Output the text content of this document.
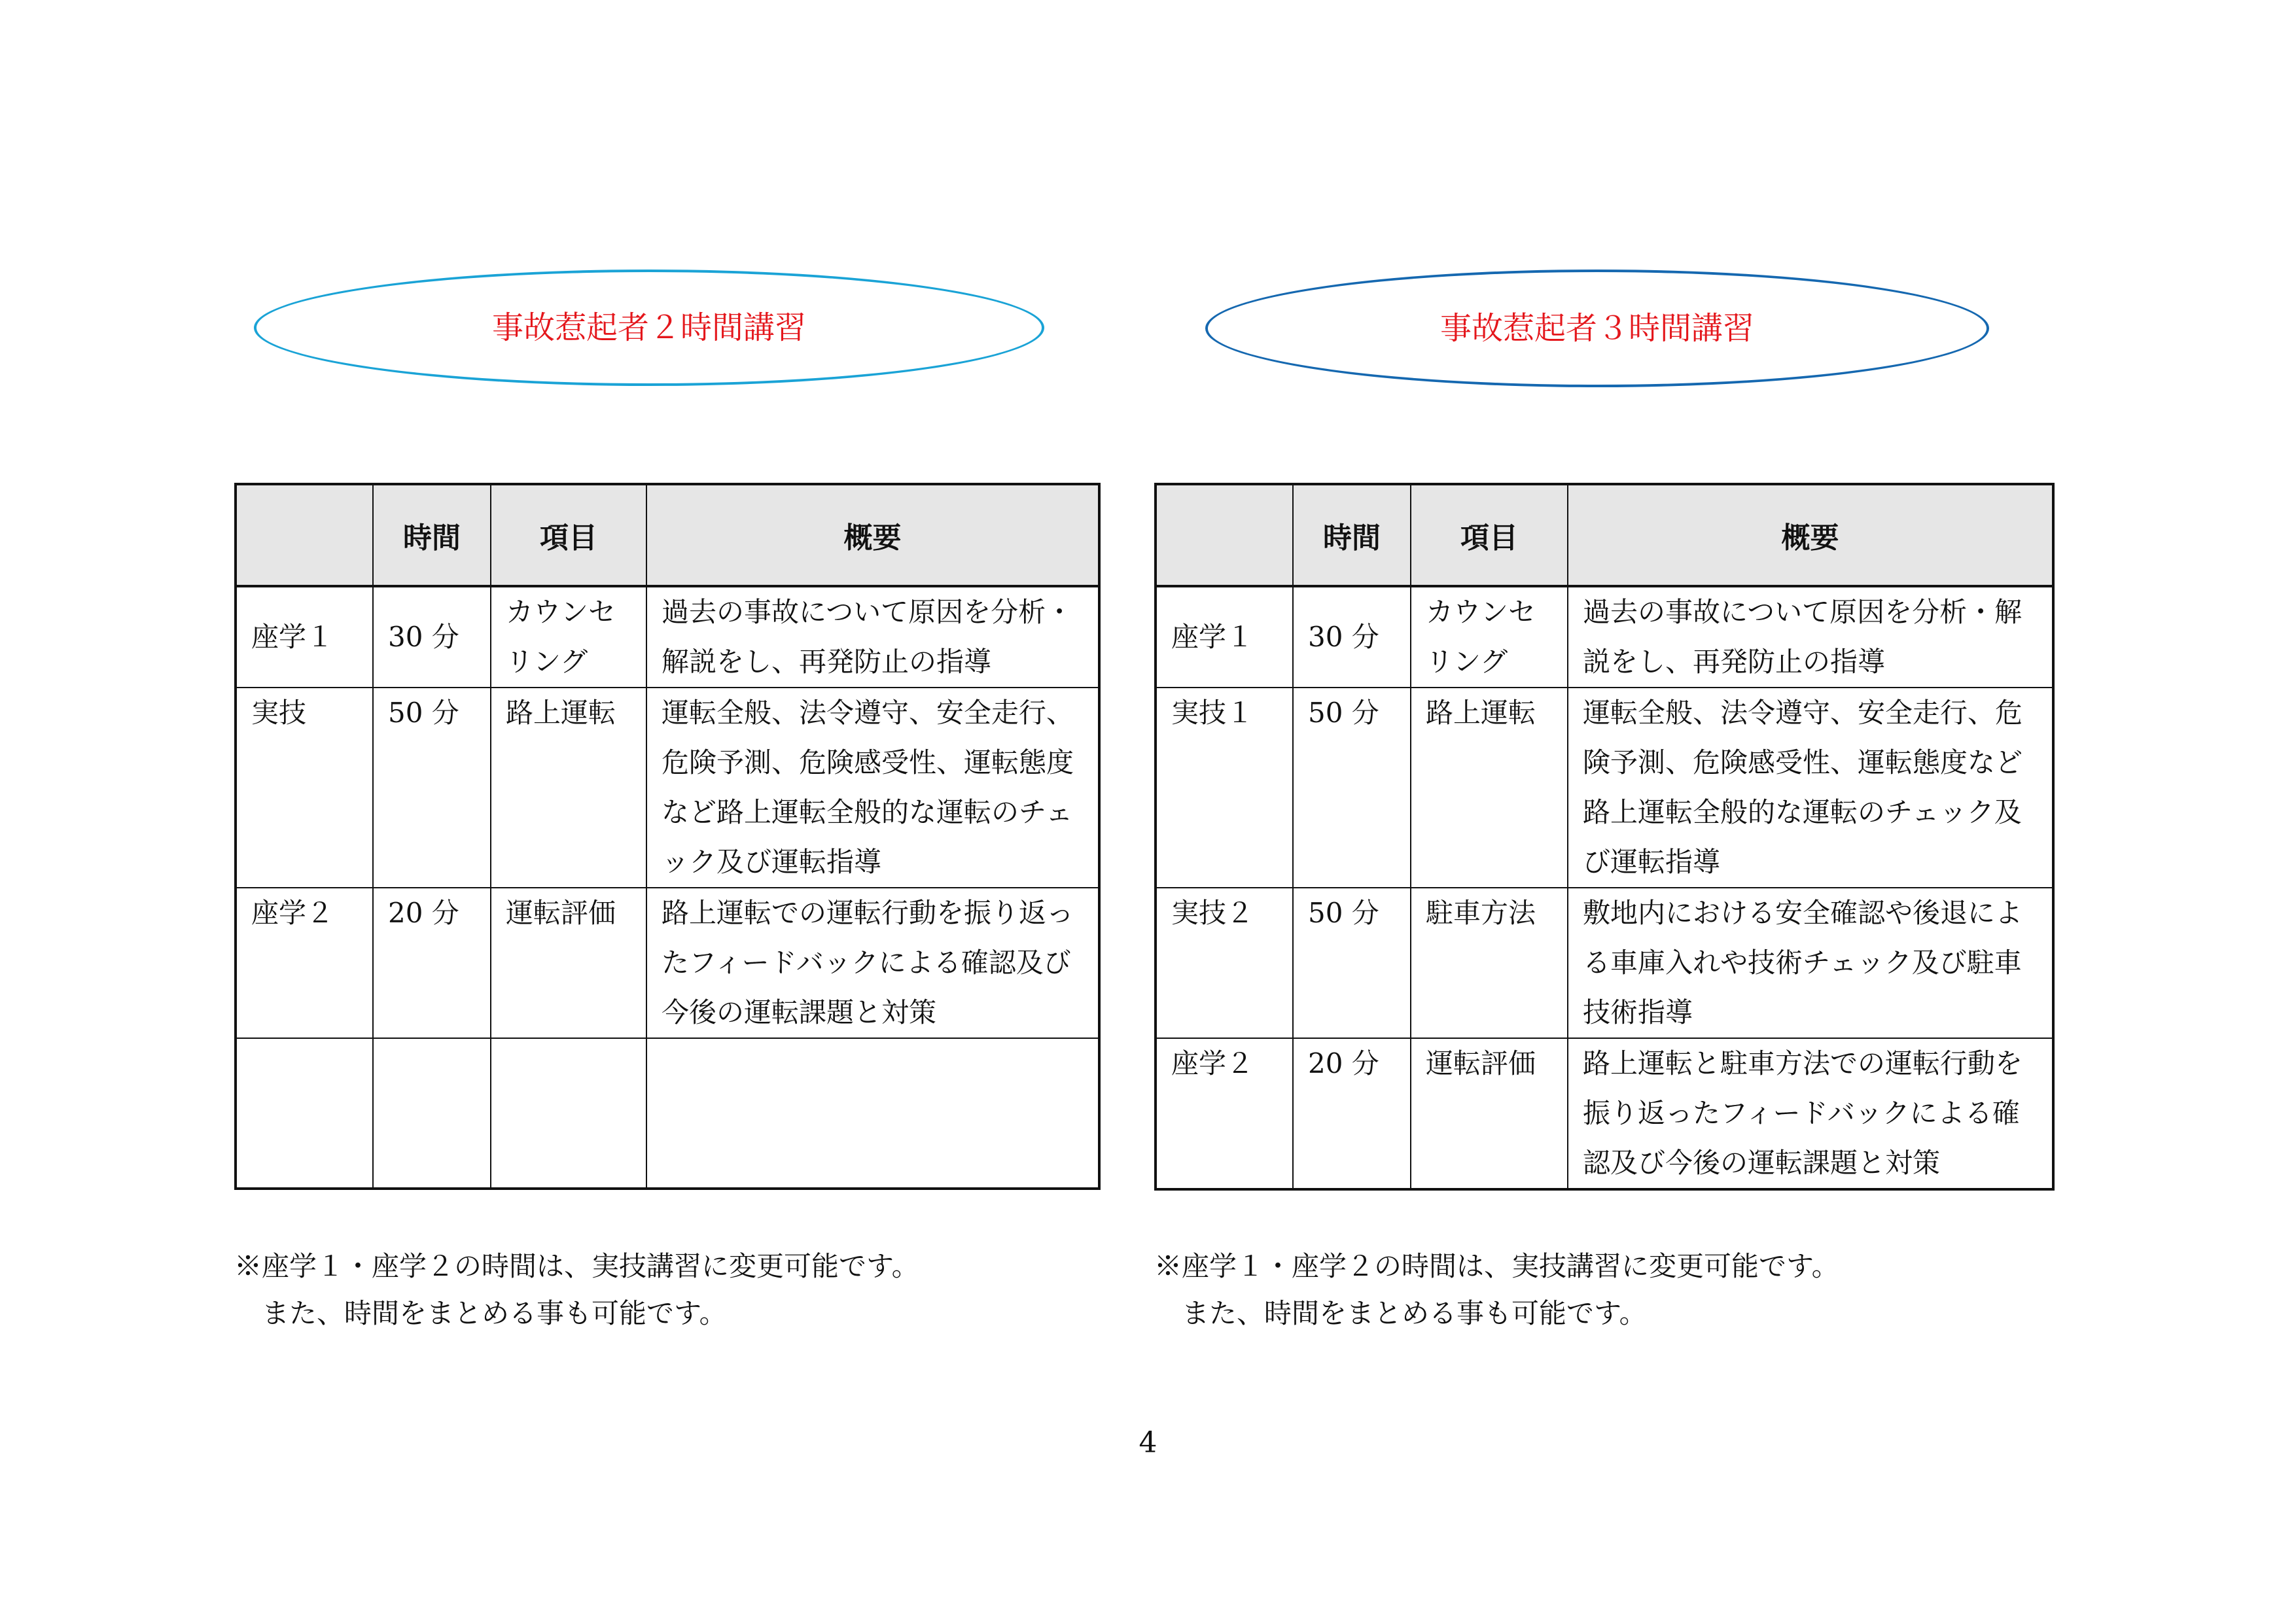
事故惹起者２時間講習
	時間	項目	概要
座学１	30 分	カウンセリング	過去の事故について原因を分析・解説をし、再発防止の指導
実技	50 分	路上運転	運転全般、法令遵守、安全走行、危険予測、危険感受性、運転態度など路上運転全般的な運転のチェック及び運転指導
座学２	20 分	運転評価	路上運転での運転行動を振り返ったフィードバックによる確認及び今後の運転課題と対策

※座学１・座学２の時間は、実技講習に変更可能です。
　また、時間をまとめる事も可能です。
事故惹起者３時間講習
	時間	項目	概要
座学１	30 分	カウンセリング	過去の事故について原因を分析・解説をし、再発防止の指導
実技１	50 分	路上運転	運転全般、法令遵守、安全走行、危険予測、危険感受性、運転態度など路上運転全般的な運転のチェック及び運転指導
実技２	50 分	駐車方法	敷地内における安全確認や後退による車庫入れや技術チェック及び駐車技術指導
座学２	20 分	運転評価	路上運転と駐車方法での運転行動を振り返ったフィードバックによる確認及び今後の運転課題と対策
※座学１・座学２の時間は、実技講習に変更可能です。
　また、時間をまとめる事も可能です。
4
